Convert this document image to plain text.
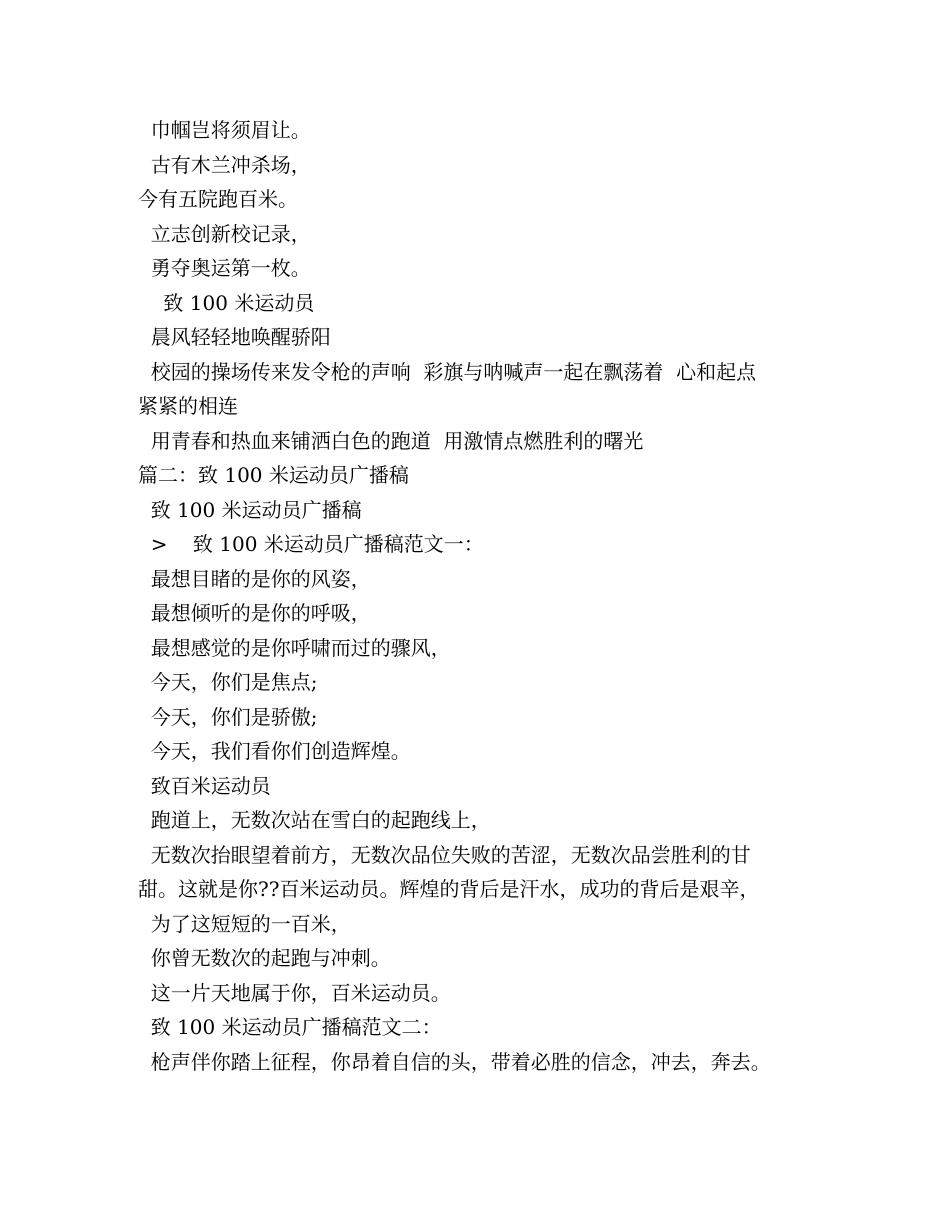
巾帼岂将须眉让。
古有木兰冲杀场，
今有五院跑百米。
立志创新校记录，
勇夺奥运第一枚。
致 100 米运动员
晨风轻轻地唤醒骄阳
校园的操场传来发令枪的声响  彩旗与呐喊声一起在飘荡着  心和起点
紧紧的相连
用青春和热血来铺洒白色的跑道  用激情点燃胜利的曙光
篇二：致 100 米运动员广播稿
致 100 米运动员广播稿
>    致 100 米运动员广播稿范文一：
最想目睹的是你的风姿，
最想倾听的是你的呼吸，
最想感觉的是你呼啸而过的骤风，
今天，你们是焦点;
今天，你们是骄傲;
今天，我们看你们创造辉煌。
致百米运动员
跑道上，无数次站在雪白的起跑线上，
无数次抬眼望着前方，无数次品位失败的苦涩，无数次品尝胜利的甘
甜。这就是你??百米运动员。辉煌的背后是汗水，成功的背后是艰辛，
为了这短短的一百米，
你曾无数次的起跑与冲刺。
这一片天地属于你，百米运动员。
致 100 米运动员广播稿范文二：
枪声伴你踏上征程，你昂着自信的头，带着必胜的信念，冲去，奔去。
